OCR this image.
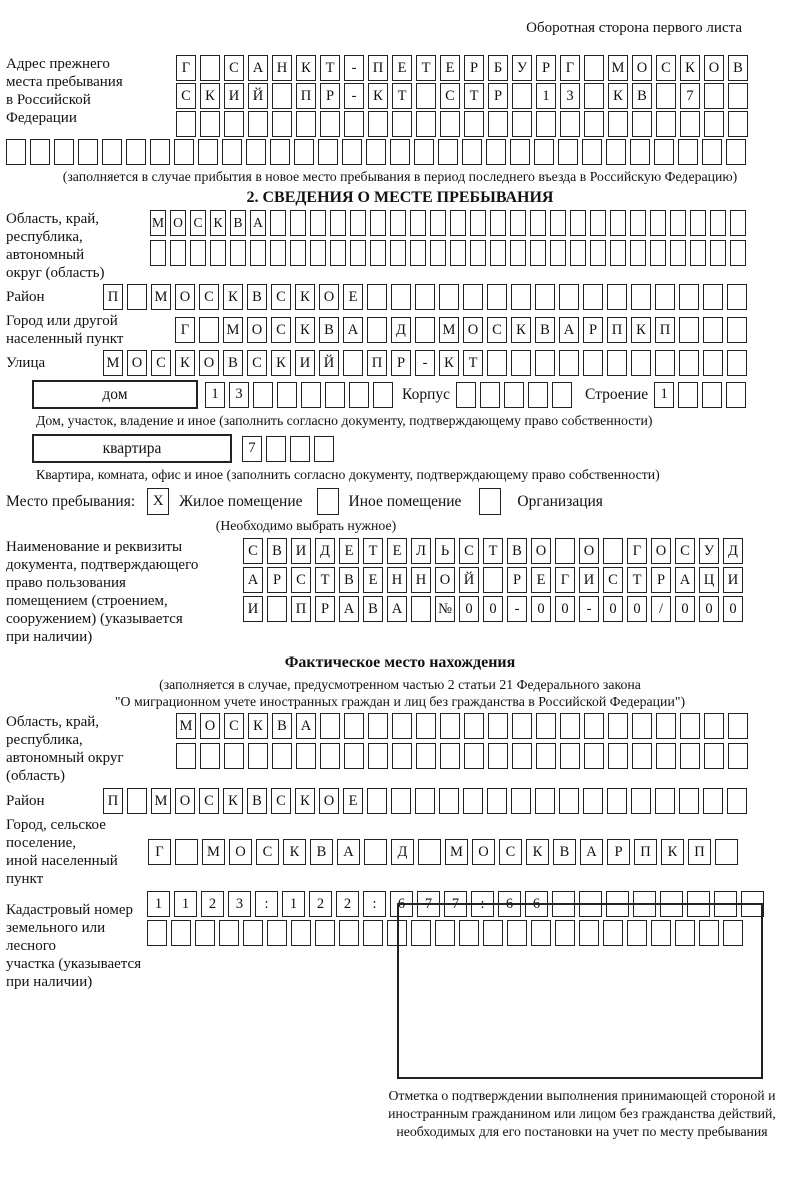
Оборотная сторона первого листа
Адрес прежнего
места пребывания
в Российской
Федерации
Г	С А Н К	Т	-	П Е	Т	Е	Р	Б	У	Р	Г	М О С К О В
С К И Й	П	Р	-	К	Т	С	Т	Р	1	3	К В	7
(заполняется в случае прибытия в новое место пребывания в период последнего въезда в Российскую Федерацию)
2. СВЕДЕНИЯ О МЕСТЕ ПРЕБЫВАНИЯ
Область, край,
республика,
автономный
округ (область)
М О С К В А
Район	П	М О С К В С К О Е
Город или другой
населенный пункт
Г	М О С К В А	Д	М О С К В А	Р	П К П
Улица	М О С К О В С К И Й	П	Р	-	К	Т
дом	1	3	Корпус	Строение 1
Дом, участок, владение и иное (заполнить согласно документу, подтверждающему право собственности)
квартира	7
Квартира, комната, офис и иное (заполнить согласно документу, подтверждающему право собственности)
Место пребывания:	X	Жилое помещение	Иное помещение	Организация
(Необходимо выбрать нужное)
Наименование и реквизиты
документа, подтверждающего
право пользования
помещением (строением,
сооружением) (указывается
при наличии)
С В И Д	Е	Т	Е	Л	Ь	С	Т	В О	О	Г	О С У Д
А	Р	С	Т	В	Е Н Н О Й	Р	Е	Г	И С	Т	Р	А Ц И
И	П	Р	А В А	№ 0	0	-	0	0	-	0	0	/	0	0	0
Фактическое место нахождения
(заполняется в случае, предусмотренном частью 2 статьи 21 Федерального закона
"О миграционном учете иностранных граждан и лиц без гражданства в Российской Федерации")
Область, край,
республика,
автономный округ
(область)
М О С К В А
Район	П	М О С К В С К О Е
Город, сельское поселение,
иной населенный пункт
Г	М	О	С	К	В	А	Д	М	О	С	К	В	А	Р	П	К	П
Кадастровый номер
земельного или лесного
участка (указывается
при наличии)
1	1	2	3	:	1	2	2	:	6	7	7	:	6	6
Отметка о подтверждении выполнения принимающей стороной и иностранным гражданином или лицом без гражданства действий, необходимых для его постановки на учет по месту пребывания
